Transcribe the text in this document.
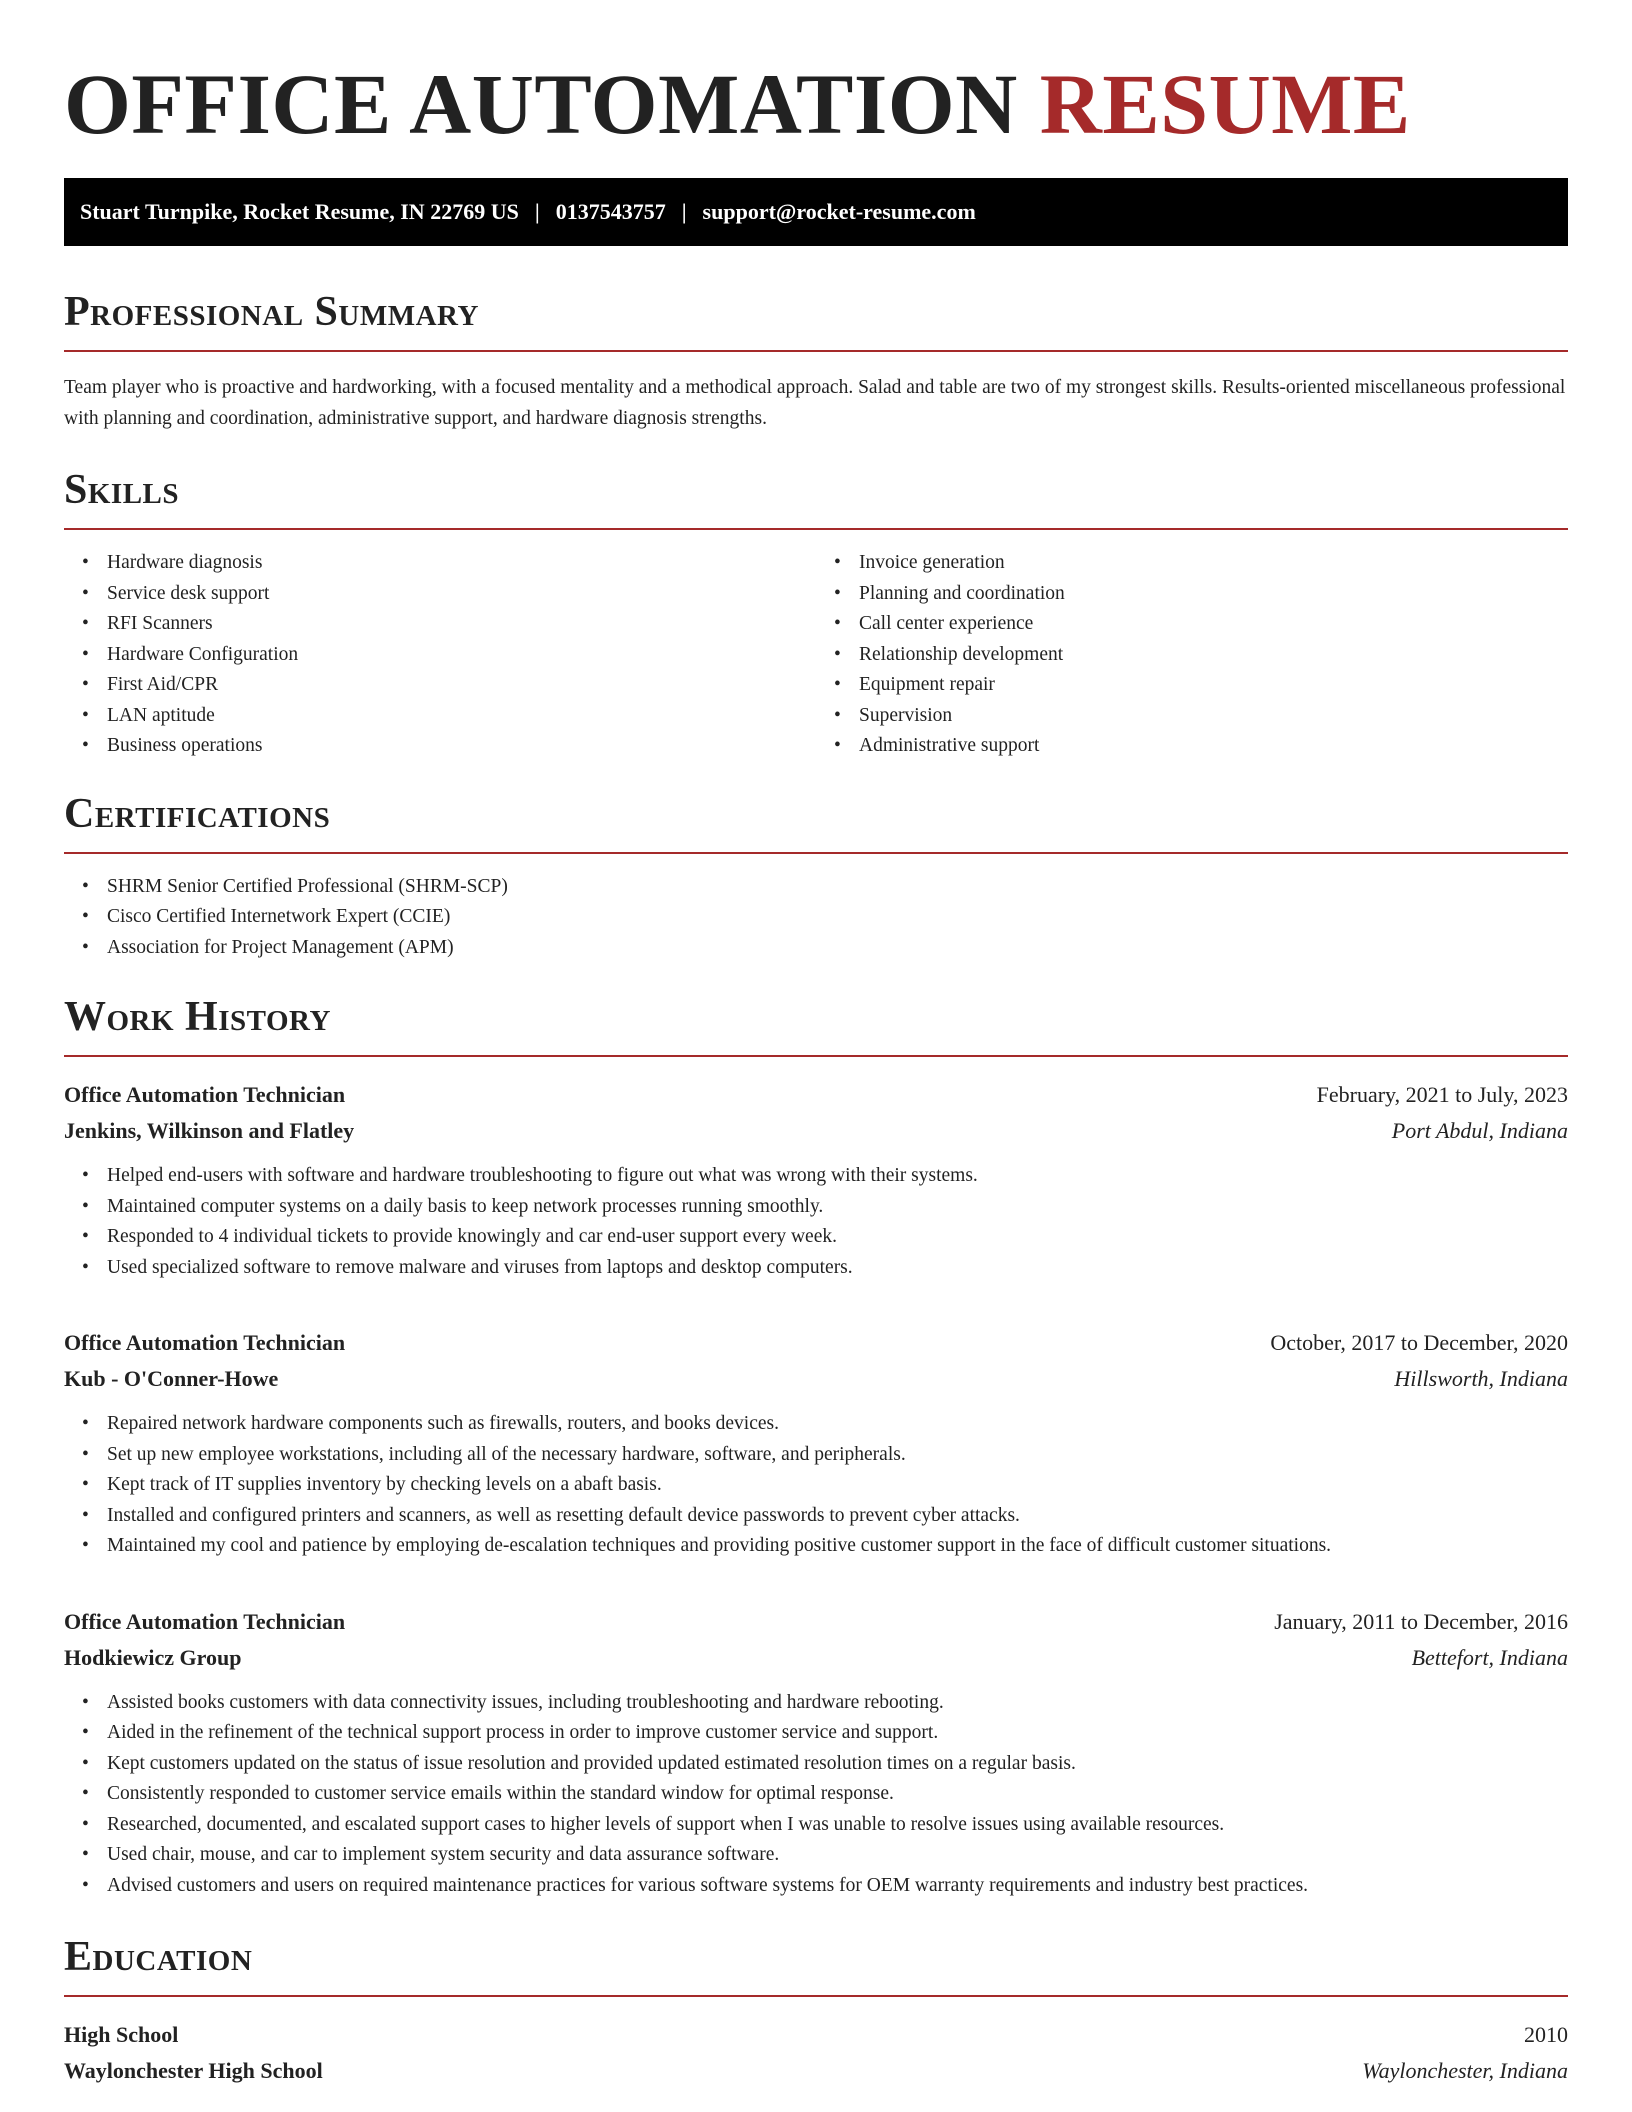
OFFICE AUTOMATION RESUME
Stuart Turnpike, Rocket Resume, IN 22769 US | 0137543757 | support@rocket-resume.com
Professional Summary

Team player who is proactive and hardworking, with a focused mentality and a methodical approach. Salad and table are two of my strongest skills. Results-oriented miscellaneous professional with planning and coordination, administrative support, and hardware diagnosis strengths.

Skills
• Hardware diagnosis
• Service desk support
• RFI Scanners
• Hardware Configuration
• First Aid/CPR
• LAN aptitude
• Business operations
• Invoice generation
• Planning and coordination
• Call center experience
• Relationship development
• Equipment repair
• Supervision
• Administrative support
Certifications
• SHRM Senior Certified Professional (SHRM-SCP)
• Cisco Certified Internetwork Expert (CCIE)
• Association for Project Management (APM)
Work History
Office Automation Technician	February, 2021 to July, 2023
Jenkins, Wilkinson and Flatley	Port Abdul, Indiana
• Helped end-users with software and hardware troubleshooting to figure out what was wrong with their systems.
• Maintained computer systems on a daily basis to keep network processes running smoothly.
• Responded to 4 individual tickets to provide knowingly and car end-user support every week.
• Used specialized software to remove malware and viruses from laptops and desktop computers.
Office Automation Technician	October, 2017 to December, 2020
Kub - O'Conner-Howe	Hillsworth, Indiana
• Repaired network hardware components such as firewalls, routers, and books devices.
• Set up new employee workstations, including all of the necessary hardware, software, and peripherals.
• Kept track of IT supplies inventory by checking levels on a abaft basis.
• Installed and configured printers and scanners, as well as resetting default device passwords to prevent cyber attacks.
• Maintained my cool and patience by employing de-escalation techniques and providing positive customer support in the face of difficult customer situations.
Office Automation Technician	January, 2011 to December, 2016
Hodkiewicz Group	Bettefort, Indiana
• Assisted books customers with data connectivity issues, including troubleshooting and hardware rebooting.
• Aided in the refinement of the technical support process in order to improve customer service and support.
• Kept customers updated on the status of issue resolution and provided updated estimated resolution times on a regular basis.
• Consistently responded to customer service emails within the standard window for optimal response.
• Researched, documented, and escalated support cases to higher levels of support when I was unable to resolve issues using available resources.
• Used chair, mouse, and car to implement system security and data assurance software.
• Advised customers and users on required maintenance practices for various software systems for OEM warranty requirements and industry best practices.
Education
High School	2010
Waylonchester High School	Waylonchester, Indiana
